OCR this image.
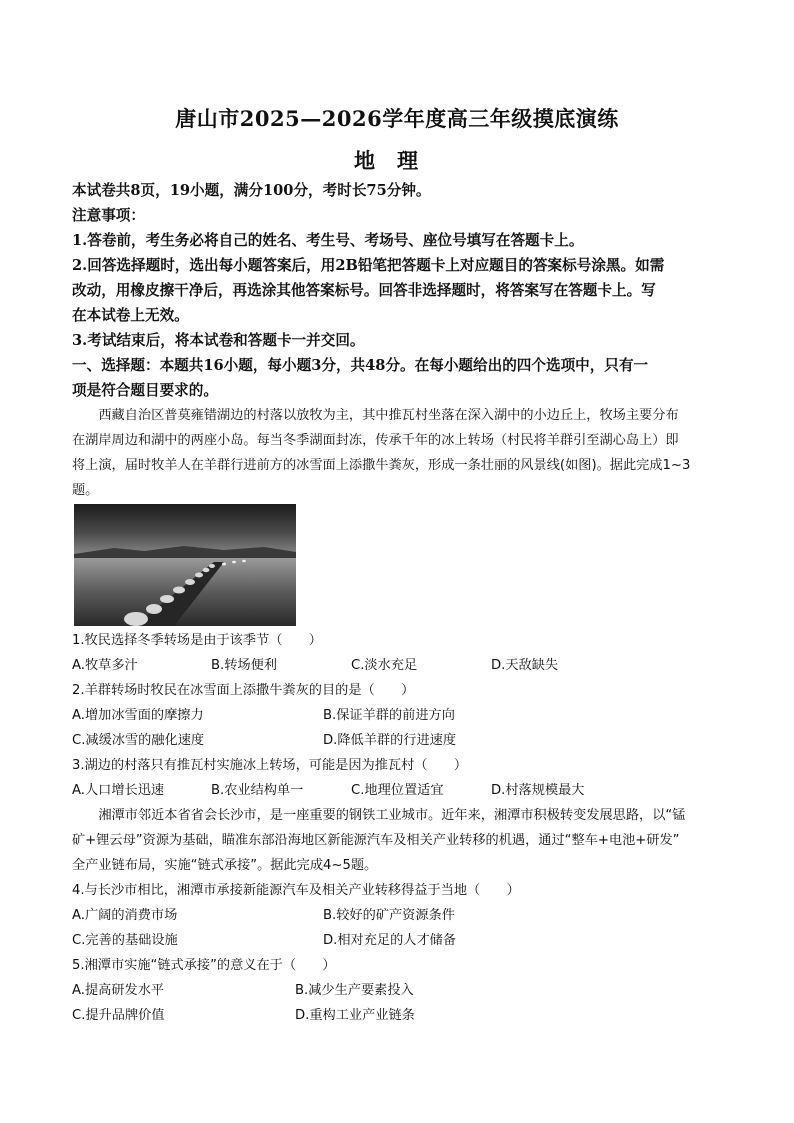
唐山市2025—2026学年度高三年级摸底演练
地理
本试卷共8页，19小题，满分100分，考时长75分钟。
注意事项：
1.答卷前，考生务必将自己的姓名、考生号、考场号、座位号填写在答题卡上。
2.回答选择题时，选出每小题答案后，用2B铅笔把答题卡上对应题目的答案标号涂黑。如需
改动，用橡皮擦干净后，再选涂其他答案标号。回答非选择题时，将答案写在答题卡上。写
在本试卷上无效。
3.考试结束后，将本试卷和答题卡一并交回。
一、选择题：本题共16小题，每小题3分，共48分。在每小题给出的四个选项中，只有一
项是符合题目要求的。
　　西藏自治区普莫雍错湖边的村落以放牧为主，其中推瓦村坐落在深入湖中的小边丘上，牧场主要分布
在湖岸周边和湖中的两座小岛。每当冬季湖面封冻，传承千年的冰上转场（村民将羊群引至湖心岛上）即
将上演，届时牧羊人在羊群行进前方的冰雪面上添撒牛粪灰，形成一条壮丽的风景线(如图)。据此完成1~3
题。
1.牧民选择冬季转场是由于该季节（　　）
A.牧草多汁	B.转场便利	C.淡水充足	D.天敌缺失
2.羊群转场时牧民在冰雪面上添撒牛粪灰的目的是（　　）
A.增加冰雪面的摩擦力	B.保证羊群的前进方向
C.减缓冰雪的融化速度	D.降低羊群的行进速度
3.湖边的村落只有推瓦村实施冰上转场，可能是因为推瓦村（　　）
A.人口增长迅速	B.农业结构单一	C.地理位置适宜	D.村落规模最大
　　湘潭市邻近本省省会长沙市，是一座重要的钢铁工业城市。近年来，湘潭市积极转变发展思路，以“锰
矿+锂云母”资源为基础，瞄准东部沿海地区新能源汽车及相关产业转移的机遇，通过“整车+电池+研发”
全产业链布局，实施“链式承接”。据此完成4~5题。
4.与长沙市相比，湘潭市承接新能源汽车及相关产业转移得益于当地（　　）
A.广阔的消费市场	B.较好的矿产资源条件
C.完善的基础设施	D.相对充足的人才储备
5.湘潭市实施“链式承接”的意义在于（　　）
A.提高研发水平	B.减少生产要素投入
C.提升品牌价值	D.重构工业产业链条
